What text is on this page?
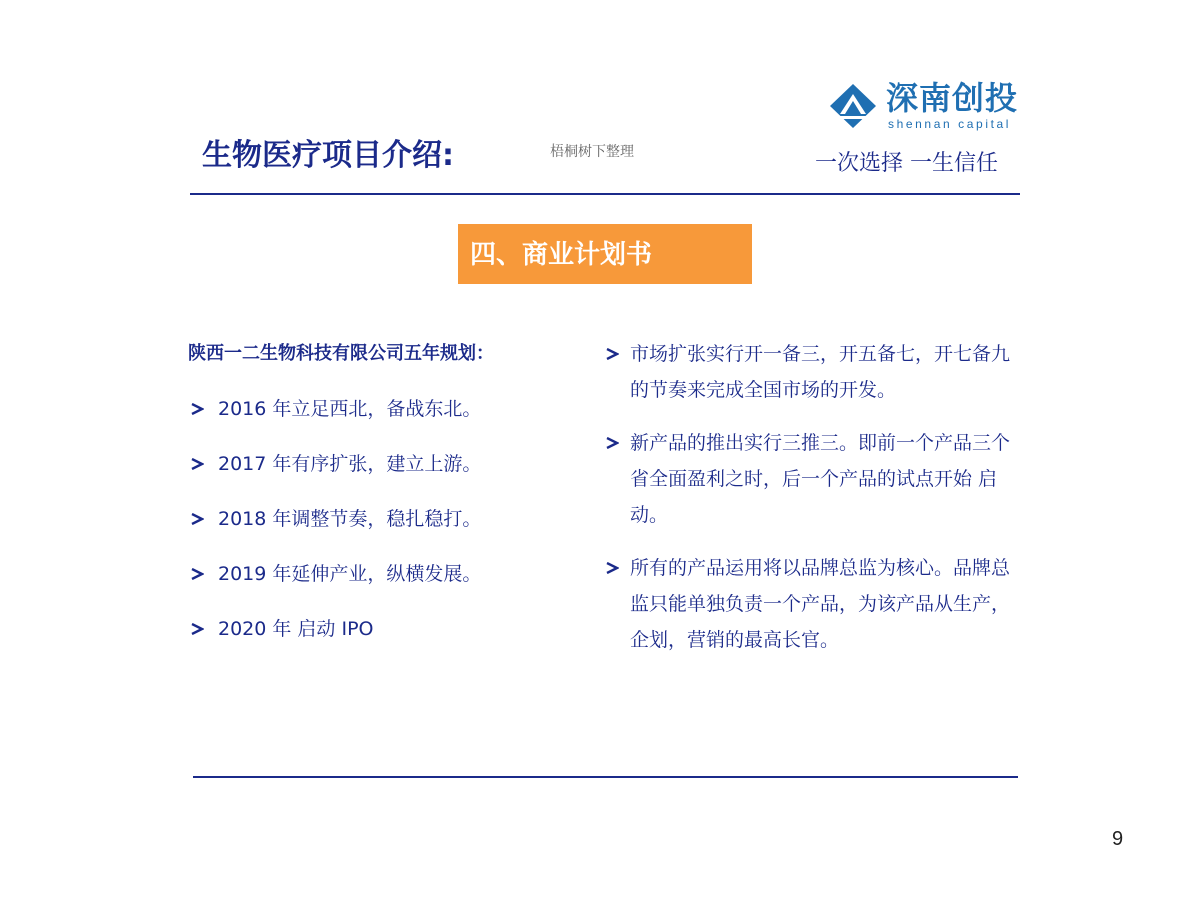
深南创投
shennan capital
生物医疗项目介绍:	梧桐树下整理	一次选择 一生信任
四、商业计划书
陕西一二生物科技有限公司五年规划：
2016 年立足西北，备战东北。
2017 年有序扩张，建立上游。
2018 年调整节奏，稳扎稳打。
2019 年延伸产业，纵横发展。
2020 年 启动 IPO
市场扩张实行开一备三，开五备七，开七备九的节奏来完成全国市场的开发。
新产品的推出实行三推三。即前一个产品三个省全面盈利之时，后一个产品的试点开始 启动。
所有的产品运用将以品牌总监为核心。品牌总监只能单独负责一个产品，为该产品从生产，企划，营销的最高长官。
9
